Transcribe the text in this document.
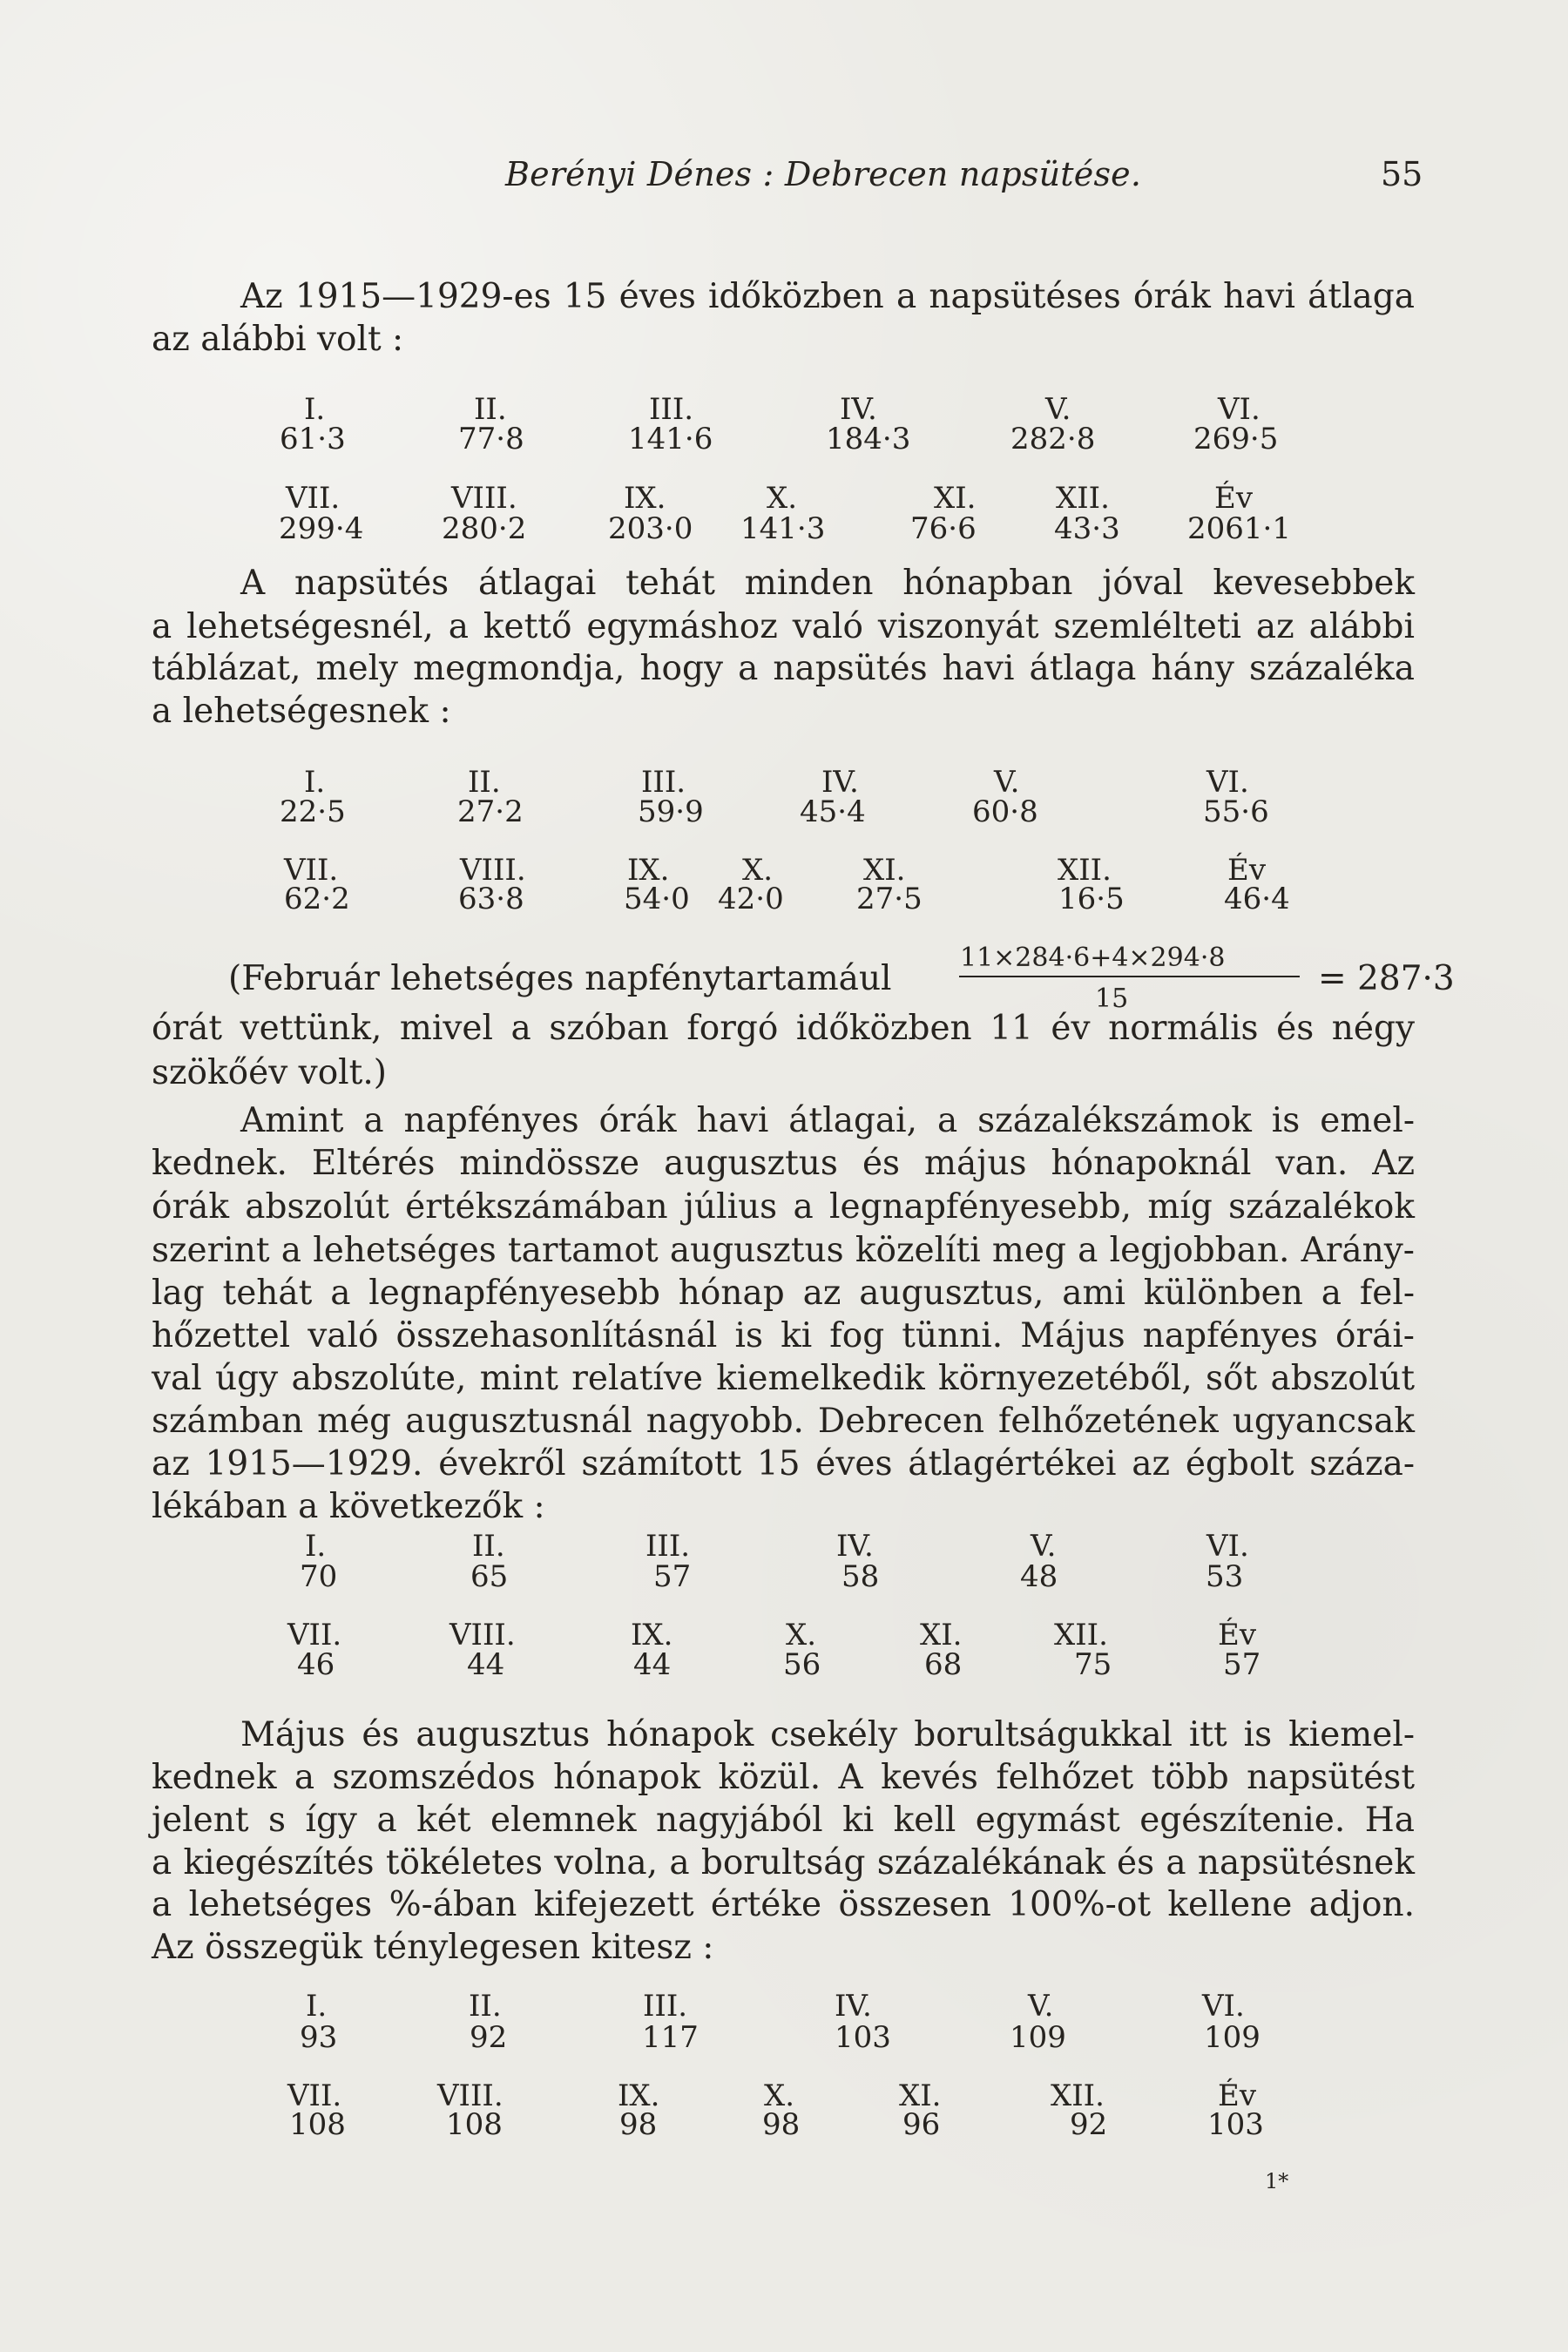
Berényi Dénes : Debrecen napsütése.	55
Az 1915—1929-es 15 éves időközben a napsütéses órák havi átlaga
az alábbi volt :
I.	II.	III.	IV.	V.	VI.
61·3	77·8	141·6	184·3	282·8	269·5
VII.	VIII.	IX.	X.	XI.	XII.	Év
299·4	280·2	203·0 141·3	76·6	43·3 2061·1
A napsütés átlagai tehát minden hónapban jóval kevesebbek
a lehetségesnél, a kettő egymáshoz való viszonyát szemlélteti az alábbi
táblázat, mely megmondja, hogy a napsütés havi átlaga hány százaléka
a lehetségesnek :
I.	II.	III.	IV.	V.	VI.
22·5	27·2	59·9	45·4	60·8	55·6
VII.	VIII.	IX. X.	XI.	XII.	Év
62·2	63·8	54·0 42·0 27·5	16·5	46·4
(Február lehetséges napfénytartamául
11×284·6+4×294·8
15
= 287·3
órát vettünk, mivel a szóban forgó időközben 11 év normális és négy
szökőév volt.)
Amint a napfényes órák havi átlagai, a százalékszámok is emel-
kednek. Eltérés mindössze augusztus és május hónapoknál van. Az
órák abszolút értékszámában július a legnapfényesebb, míg százalékok
szerint a lehetséges tartamot augusztus közelíti meg a legjobban. Arány-
lag tehát a legnapfényesebb hónap az augusztus, ami különben a fel-
hőzettel való összehasonlításnál is ki fog tünni. Május napfényes órái-
val úgy abszolúte, mint relatíve kiemelkedik környezetéből, sőt abszolút
számban még augusztusnál nagyobb. Debrecen felhőzetének ugyancsak
az 1915—1929. évekről számított 15 éves átlagértékei az égbolt száza-
lékában a következők :
I.	II.	III.	IV.	V.	VI.
70	65	57	58	48	53
VII.	VIII.	IX.	X.	XI.	XII.	Év
46	44	44	56	68	75	57
Május és augusztus hónapok csekély borultságukkal itt is kiemel-
kednek a szomszédos hónapok közül. A kevés felhőzet több napsütést
jelent s így a két elemnek nagyjából ki kell egymást egészítenie. Ha
a kiegészítés tökéletes volna, a borultság százalékának és a napsütésnek
a lehetséges %-ában kifejezett értéke összesen 100%-ot kellene adjon.
Az összegük ténylegesen kitesz :
I.	II.	III.	IV.	V.	VI.
93	92	117	103	109	109
VII.	VIII.	IX.	X.	XI.	XII.	Év
108	108	98	98	96	92	103
1*
